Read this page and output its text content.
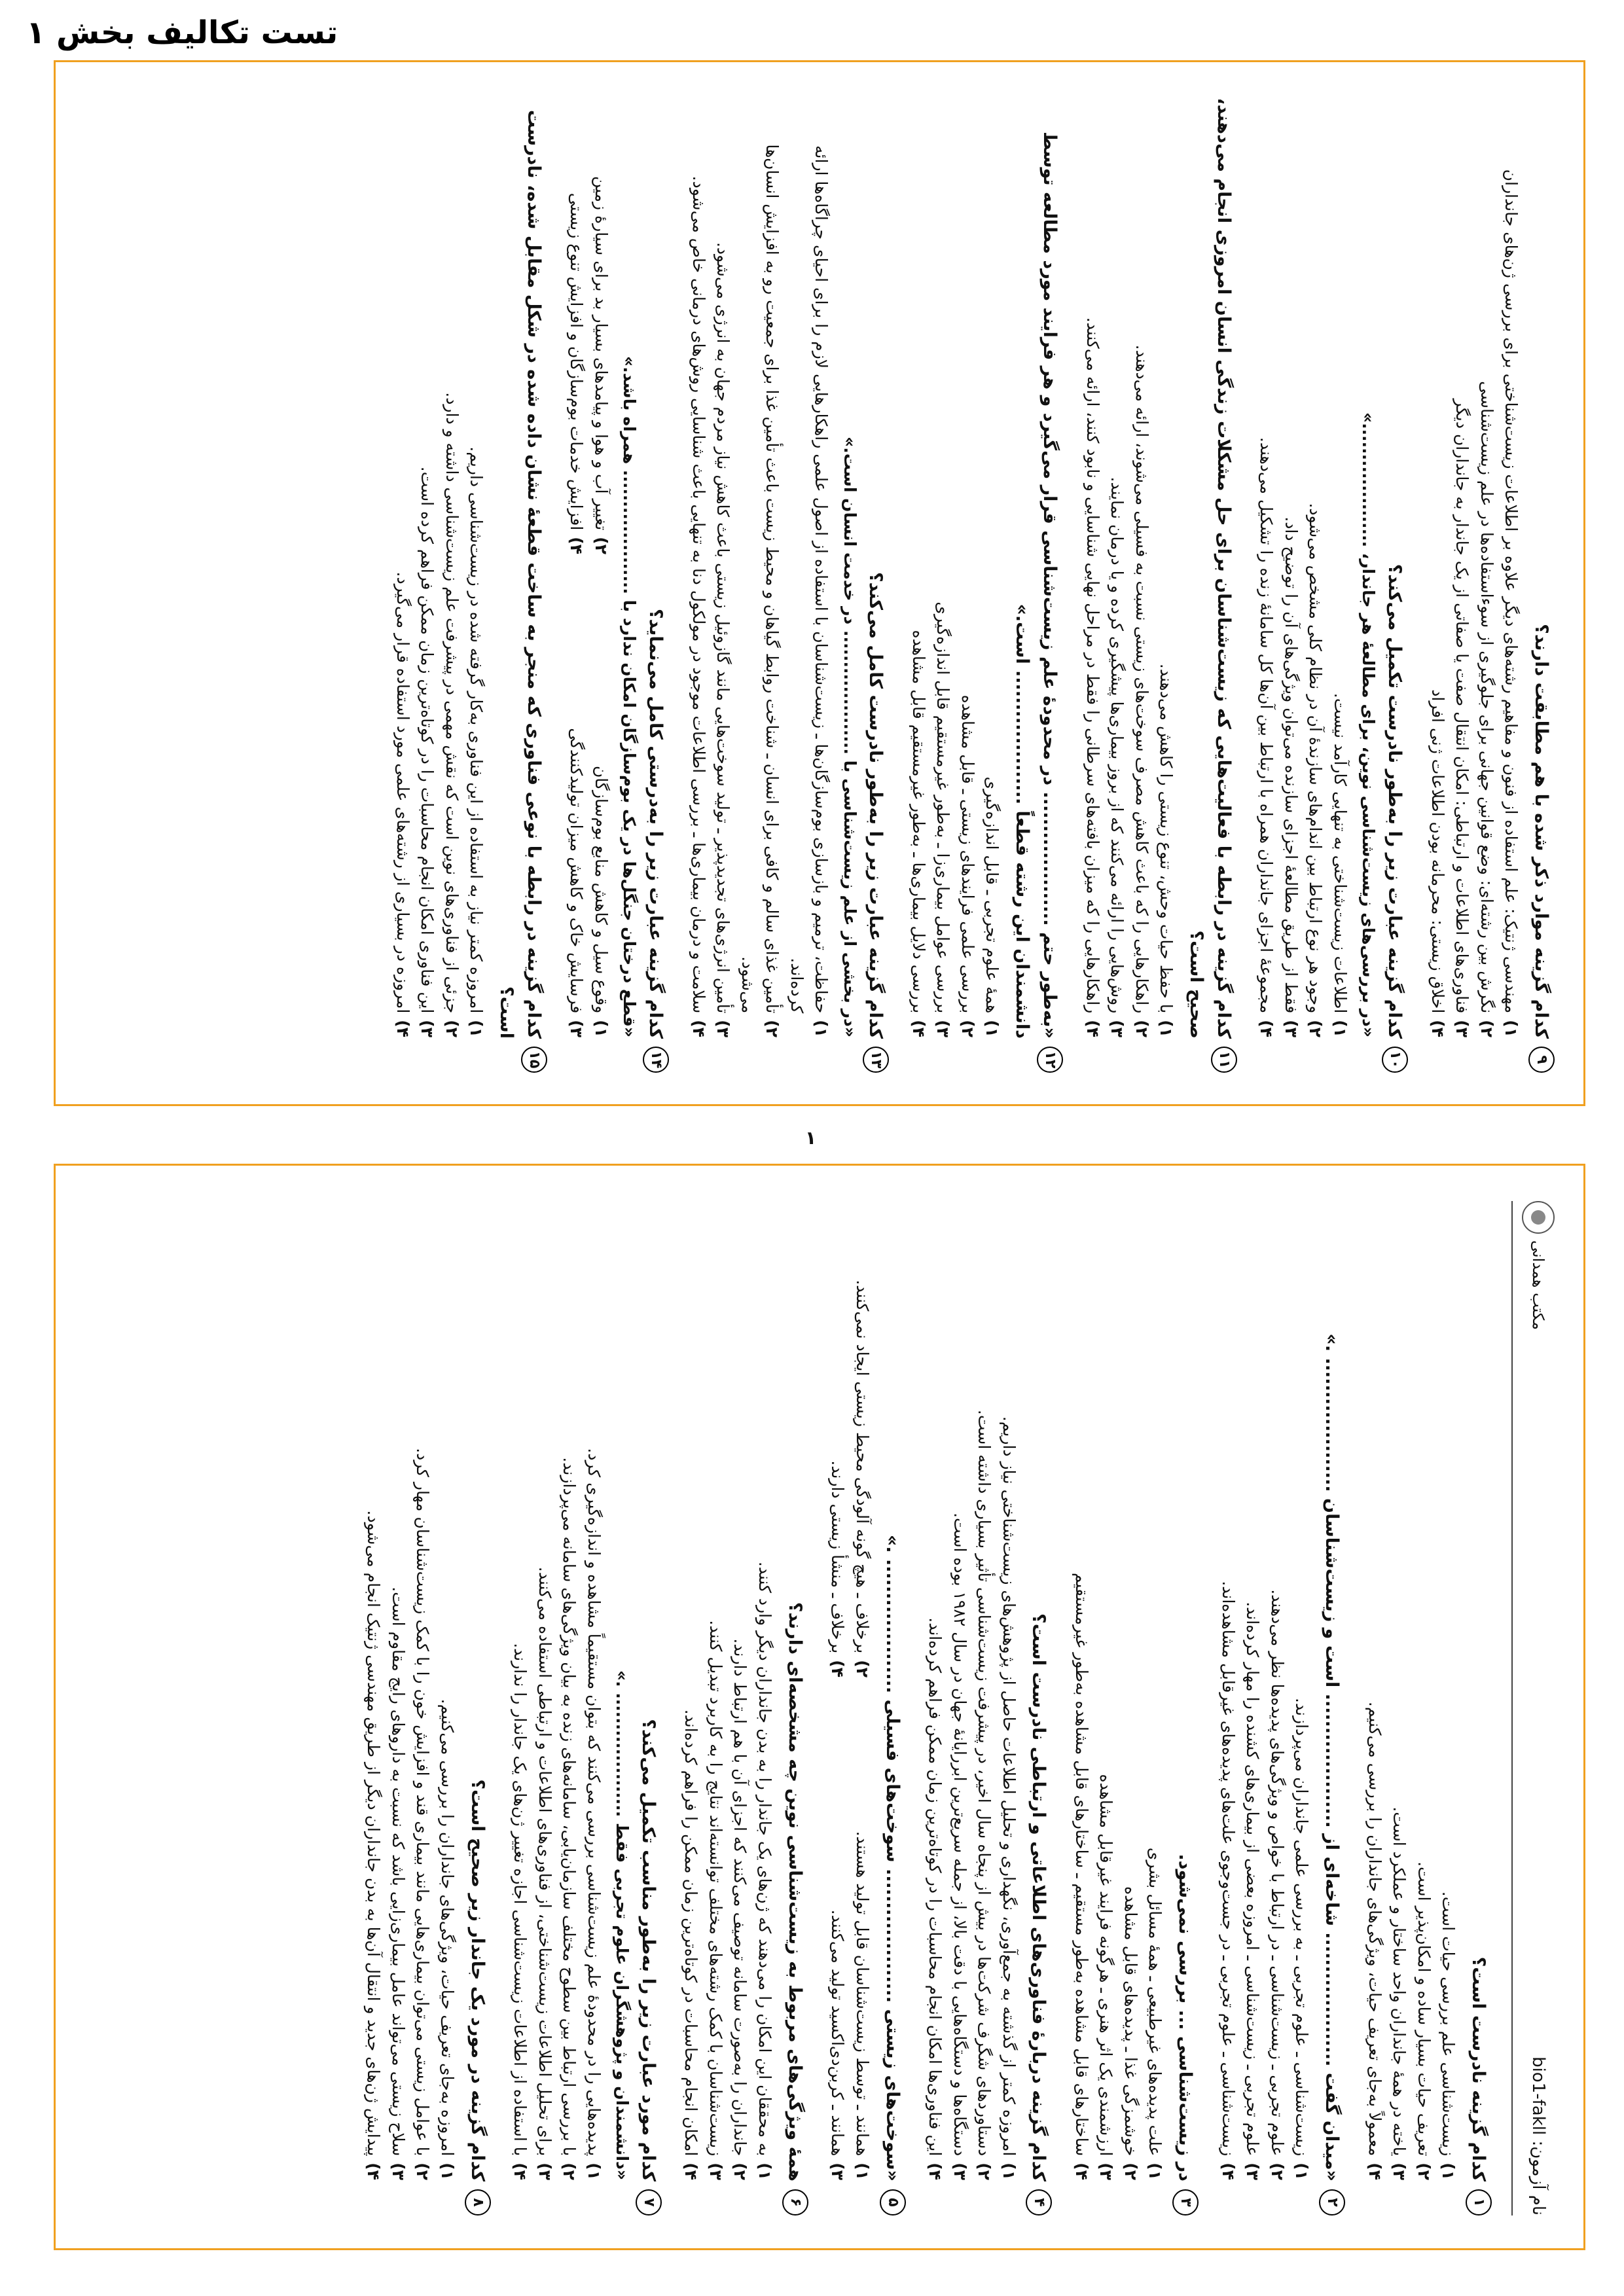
تست تکالیف بخش ۱
۹
کدام گزینه موارد ذکر شده با هم مطابقت دارند؟
۱)
مهندسی ژنتیک: علم استفاده از فنون و مفاهیم رشته‌های دیگر علاوه بر اطلاعات زیست‌شناختی برای بررسی ژن‌های جانداران
۲)
نگرش بین رشته‌ای: وضع قوانین جهانی برای جلوگیری از سوءاستفاده‌ها در علم زیست‌شناسی
۳)
فناوری‌های اطلاعات و ارتباطی: امکان انتقال صفت یا صفاتی از یک جاندار به جانداران دیگر
۴)
اخلاق زیستی: محرمانه بودن اطلاعات ژنی افراد
۱۰
کدام گزینه عبارت زیر را به‌طور نادرست تکمیل می‌کند؟
«در بررسی‌های زیست‌شناسی نوین، برای مطالعهٔ هر جاندار، ....................»
۱)
اطلاعات زیست‌شناختی به تنهایی کارآمد نیست.
۲)
وجود هر نوع ارتباط بین اندام‌های سازندهٔ آن در نظام کلی مشخص می‌شود.
۳)
فقط از طریق مطالعهٔ اجزای سازنده می‌توان ویژگی‌های آن را توضیح داد.
۴)
مجموعهٔ اجزای جانداران همراه با ارتباط بین آن‌ها کل سامانهٔ زنده را تشکیل می‌دهند.
۱۱
کدام گزینه در رابطه با فعالیت‌هایی که زیست‌شناسان برای حل مشکلات زندگی انسان امروزی انجام می‌دهند، صحیح است؟
۱)
با حفظ حیات وحش، تنوع زیستی را کاهش می‌دهند.
۲)
راهکارهایی را که باعث کاهش مصرف سوخت‌های زیستی نسبت به فسیلی می‌شوند، ارائه می‌دهند.
۳)
روش‌هایی را ارائه می‌کنند که از بروز بیماری‌ها پیشگیری کرده و یا درمان نمایند.
۴)
راهکارهایی را که میزان بافته‌های سرطانی را فقط در مراحل نهایی شناسایی و نابود کنند، ارائه می‌کنند.
۱۲
«به‌طور حتم .................... در محدودهٔ علم زیست‌شناسی قرار می‌گیرد و هر فرایند مورد مطالعه توسط دانشمندان این رشته قطعاً .................... است.»
۱)
همهٔ علوم تجربی ـ قابل اندازه‌گیری
۲)
بررسی علمی فرایندهای زیستی ـ قابل مشاهده
۳)
بررسی عوامل بیماری‌زا ـ به‌طور غیرمستقیم قابل اندازه‌گیری
۴)
بررسی دلایل بیماری‌ها ـ به‌طور غیرمستقیم قابل مشاهده
۱۳
کدام گزینه عبارت زیر را به‌طور نادرست کامل می‌کند؟
«در بخشی از علم زیست‌شناسی با .................... در خدمت انسان است.»
۱)
حفاظت، ترمیم و بازسازی بوم‌سازگان‌ها ـ زیست‌شناسان با استفاده از اصول علمی راهکارهایی لازم را برای احیای چراگاه‌ها ارائه کرده‌اند.
۲)
تأمین غذای سالم و کافی برای انسان ـ شناخت روابط گیاهان و محیط زیست باعث تأمین غذا برای جمعیت رو به افزایش انسان‌ها می‌شود.
۳)
تأمین انرژی‌های تجدیدپذیر ـ تولید سوخت‌هایی مانند گازوئیل زیستی باعث کاهش نیاز مردم جهان به انرژی می‌شود.
۴)
سلامت و درمان بیماری‌ها ـ بررسی اطلاعات موجود در مولکول دنا به تنهایی باعث شناسایی روش‌های درمانی خاص می‌شود.
۱۴
کدام گزینه عبارت زیر را به‌درستی کامل می‌نماید؟
«قطع درختان جنگل‌ها در یک بوم‌سازگان امکان ندارد با .................... همراه باشد.»
۱)
وقوع سیل و کاهش منابع بوم‌سازگان
۲)
تغییر آب و هوا و پیامدهای بسیار بد برای سیارهٔ زمین
۳)
فرسایش خاک و کاهش میزان تولیدکنندگی
۴)
افزایش خدمات بوم‌سازگان و افزایش تنوع زیستی
۱۵
کدام گزینه در رابطه با نوعی فناوری که منجر به ساخت قطعهٔ نشان داده شده در شکل مقابل شده، نادرست است؟
۱)
امروزه کمتر نیاز به استفاده از این فناوری به‌کار گرفته شده در زیست‌شناسی داریم.
۲)
جزئی از فناوری‌های نوین است که نقش مهمی در پیشرفت علم زیست‌شناسی داشته و دارد.
۳)
این فناوری امکان انجام محاسبات را در کوتاه‌ترین زمان ممکن فراهم کرده است.
۴)
امروزه در بسیاری از رشته‌های علمی مورد استفاده قرار می‌گیرد.
۱
نام آزمون: bio1-fakll
مکتب همدانی
۱
کدام گزینه نادرست است؟
۱)
زیست‌شناسی علم بررسی حیات است.
۲)
تعریف حیات بسیار ساده و امکان‌پذیر است.
۳)
یاخته در همهٔ جانداران واحد ساختار و عملکرد است.
۴)
معمولاً به‌جای تعریف حیات، ویژگی‌های جانداران را بررسی می‌کنیم.
۲
«میدان گفت .................... شاخه‌ای از .................... است و زیست‌شناسان .................... .»
۱)
زیست‌شناسی ـ علوم تجربی ـ به بررسی علمی جانداران می‌پردازند.
۲)
علوم تجربی ـ زیست‌شناسی ـ در ارتباط با خواص و ویژگی‌های پدیده‌ها نظر می‌دهند.
۳)
علوم تجربی ـ زیست‌شناسی ـ امروزه بعضی از بیماری‌های کشنده را مهار کرده‌اند.
۴)
زیست‌شناسی ـ علوم تجربی ـ در جست‌وجوی علت‌های پدیده‌های غیرقابل مشاهده‌اند.
۳
در زیست‌شناسی ... بررسی نمی‌شود.
۱)
علت پدیده‌های غیرطبیعی ـ همهٔ مسائل بشری
۲)
خوشمزگی غذا ـ پدیده‌های قابل مشاهده
۳)
ارزشمندی یک اثر هنری ـ هرگونه فرایند غیرقابل مشاهده
۴)
ساختارهای قابل مشاهده به‌طور مستقیم ـ ساختارهای قابل مشاهده به‌طور غیرمستقیم
۴
کدام گزینه دربارهٔ فناوری‌های اطلاعاتی و ارتباطی نادرست است؟
۱)
امروزه کمتر از گذشته به جمع‌آوری، نگهداری و تحلیل اطلاعات حاصل از پژوهش‌های زیست‌شناختی نیاز داریم.
۲)
دستاوردهای شگرف شرکت‌ها در بیش از پنجاه سال اخیر، در پیشرفت زیست‌شناسی تأثیر بسیاری داشته است.
۳)
دستگاه‌ها و دستگاه‌هایی با دقت بالا، از جمله سریع‌ترین ابررایانهٔ جهان در سال ۱۹۸۲ بوده است.
۴)
این فناوری‌ها امکان انجام محاسبات را در کوتاه‌ترین زمان ممکن فراهم کرده‌اند.
۵
«سوخت‌های زیستی .................... سوخت‌های فسیلی .................... .»
۱)
همانند ـ توسط زیست‌شناسان قابل تولید هستند.
۲)
برخلاف ـ هیچ گونه آلودگی محیط زیستی ایجاد نمی‌کنند.
۳)
همانند ـ کربن‌دی‌اکسید تولید می‌کنند.
۴)
برخلاف ـ منشأ زیستی دارند.
۶
همهٔ ویژگی‌های مربوط به زیست‌شناسی نوین چه مشخصه‌ای دارند؟
۱)
به محققان این امکان را می‌دهند که ژن‌های یک جاندار را به بدن جانداران دیگر وارد کنند.
۲)
جانداران را به‌صورت سامانه توصیف می‌کنند که اجزای آن با هم ارتباط دارند.
۳)
زیست‌شناسان با کمک رشته‌های مختلف توانسته‌اند نتایج را به کاربرد تبدیل کنند.
۴)
امکان انجام محاسبات در کوتاه‌ترین زمان ممکن را فراهم کرده‌اند.
۷
کدام مورد عبارت زیر را به‌طور مناسب تکمیل می‌کند؟
«دانشمندان و پژوهشگران علوم تجربی فقط .................... .»
۱)
پدیده‌هایی را در محدودهٔ علم زیست‌شناسی بررسی می‌کنند که بتوان مستقیماً مشاهده و اندازه‌گیری کرد.
۲)
با بررسی ارتباط بین سطوح مختلف سازمان‌یابی، سامانه‌های زنده به بیان ویژگی‌های سامانه می‌پردازند.
۳)
برای تحلیل اطلاعات زیست‌شناختی، از فناوری‌های اطلاعات و ارتباطی استفاده می‌کنند.
۴)
با استفاده از اطلاعات زیست‌شناسی اجازه تغییر ژن‌های یک جاندار را ندارند.
۸
کدام گزینه در مورد یک جاندار زیر صحیح است؟
۱)
امروزه به‌جای تعریف حیات، ویژگی‌های جانداران را بررسی می‌کنیم.
۲)
با عوامل زیستی می‌توان بیماری‌هایی مانند بیماری قند و افزایش خون را با کمک زیست‌شناسان مهار کرد.
۳)
سلاح زیستی می‌تواند عامل بیماری‌زایی باشد که نسبت به داروهای رایج مقاوم است.
۴)
پیدایش ژن‌های جدید و انتقال آن‌ها به بدن جانداران دیگر از طریق مهندسی ژنتیک انجام می‌شود.
